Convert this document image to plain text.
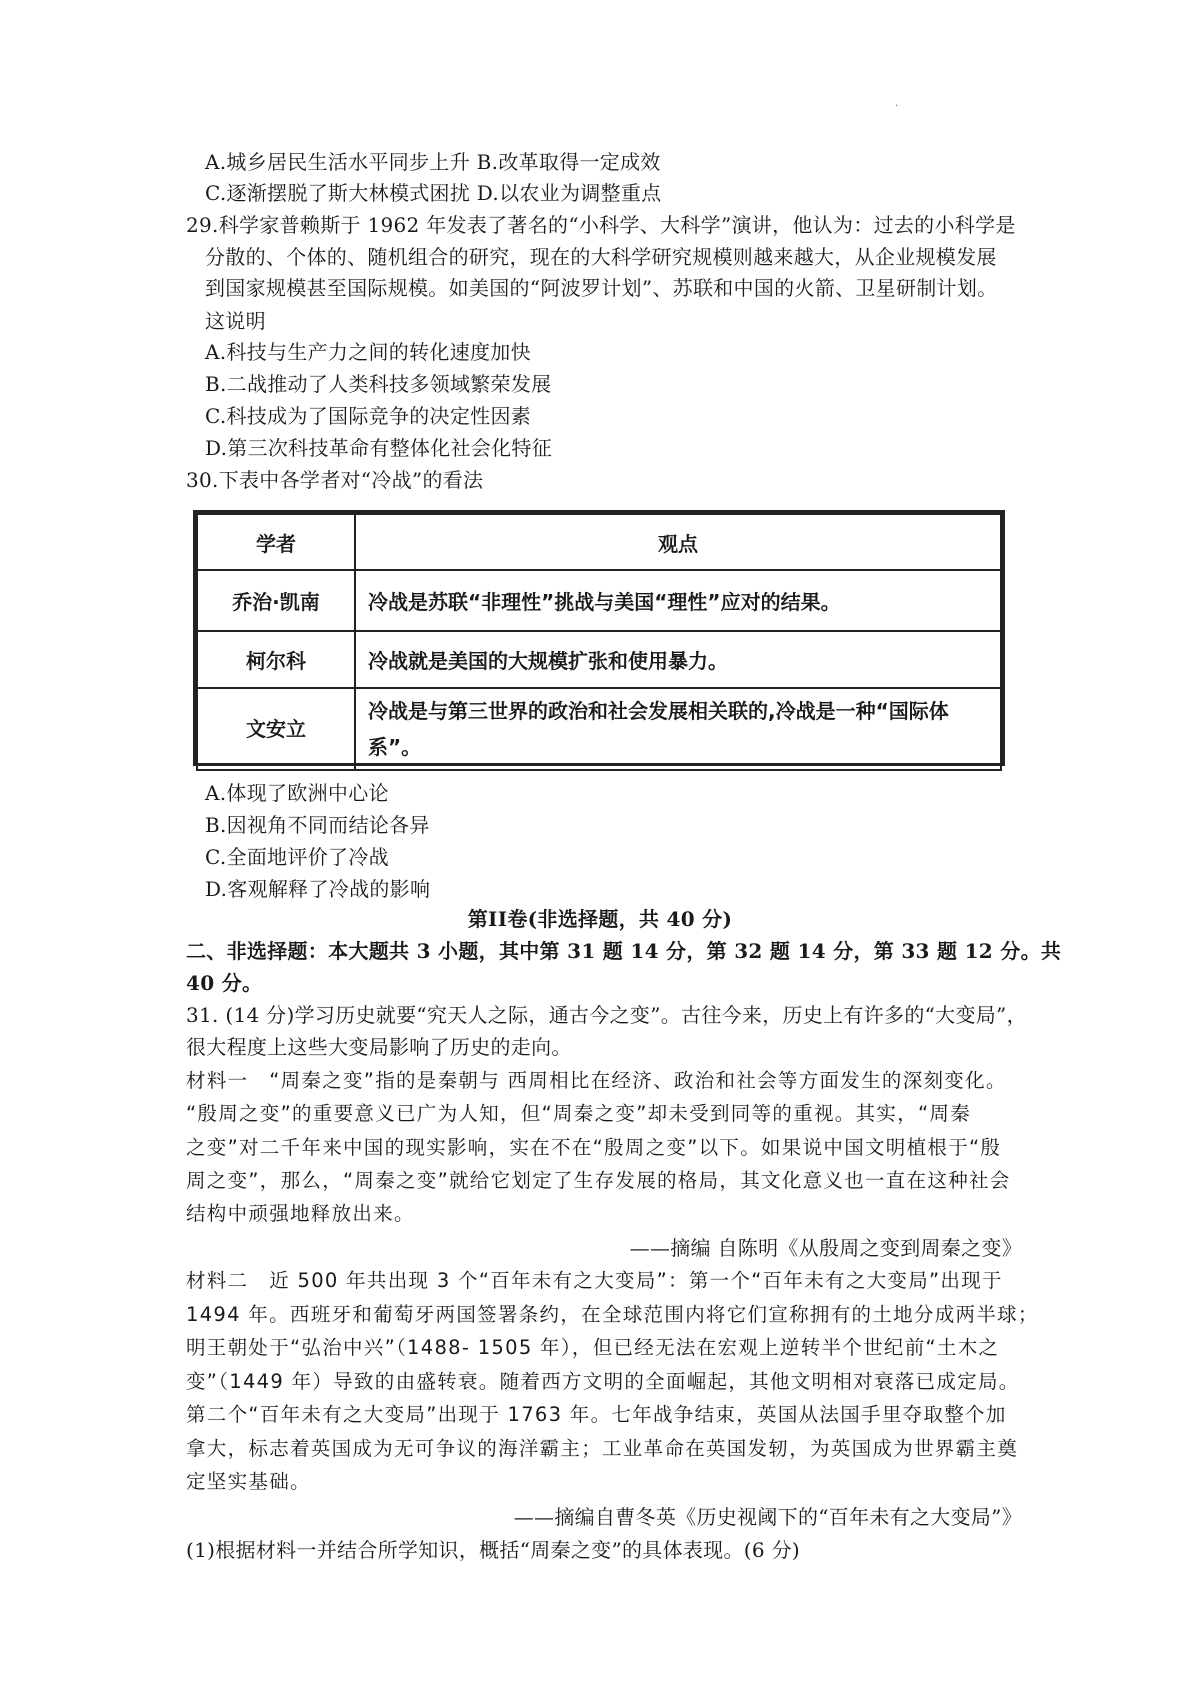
.
A.城乡居民生活水平同步上升 B.改革取得一定成效
C.逐渐摆脱了斯大林模式困扰 D.以农业为调整重点
29.科学家普赖斯于 1962 年发表了著名的“小科学、大科学”演讲，他认为：过去的小科学是
分散的、个体的、随机组合的研究，现在的大科学研究规模则越来越大，从企业规模发展
到国家规模甚至国际规模。如美国的“阿波罗计划”、苏联和中国的火箭、卫星研制计划。
这说明
A.科技与生产力之间的转化速度加快
B.二战推动了人类科技多领域繁荣发展
C.科技成为了国际竞争的决定性因素
D.第三次科技革命有整体化社会化特征
30.下表中各学者对“冷战”的看法
学者	观点
乔治·凯南	冷战是苏联“非理性”挑战与美国“理性”应对的结果。
柯尔科	冷战就是美国的大规模扩张和使用暴力。
文安立	冷战是与第三世界的政治和社会发展相关联的,冷战是一种“国际体
系”。
A.体现了欧洲中心论
B.因视角不同而结论各异
C.全面地评价了冷战
D.客观解释了冷战的影响
第II卷(非选择题，共 40 分)
二、非选择题：本大题共 3 小题，其中第 31 题 14 分，第 32 题 14 分，第 33 题 12 分。共
40 分。
31. (14 分)学习历史就要“究天人之际，通古今之变”。古往今来，历史上有许多的“大变局”，
很大程度上这些大变局影响了历史的走向。
材料一　“周秦之变”指的是秦朝与 西周相比在经济、政治和社会等方面发生的深刻变化。
“殷周之变”的重要意义已广为人知，但“周秦之变”却未受到同等的重视。其实，“周秦
之变”对二千年来中国的现实影响，实在不在“殷周之变”以下。如果说中国文明植根于“殷
周之变”，那么，“周秦之变”就给它划定了生存发展的格局，其文化意义也一直在这种社会
结构中顽强地释放出来。
——摘编 自陈明《从殷周之变到周秦之变》
材料二　近 500 年共出现 3 个“百年未有之大变局”：第一个“百年未有之大变局”出现于
1494 年。西班牙和葡萄牙两国签署条约，在全球范围内将它们宣称拥有的土地分成两半球；
明王朝处于“弘治中兴”（1488- 1505 年），但已经无法在宏观上逆转半个世纪前“土木之
变”（1449 年）导致的由盛转衰。随着西方文明的全面崛起，其他文明相对衰落已成定局。
第二个“百年未有之大变局”出现于 1763 年。七年战争结束，英国从法国手里夺取整个加
拿大，标志着英国成为无可争议的海洋霸主；工业革命在英国发轫，为英国成为世界霸主奠
定坚实基础。
——摘编自曹冬英《历史视阈下的“百年未有之大变局”》
(1)根据材料一并结合所学知识，概括“周秦之变”的具体表现。(6 分)
